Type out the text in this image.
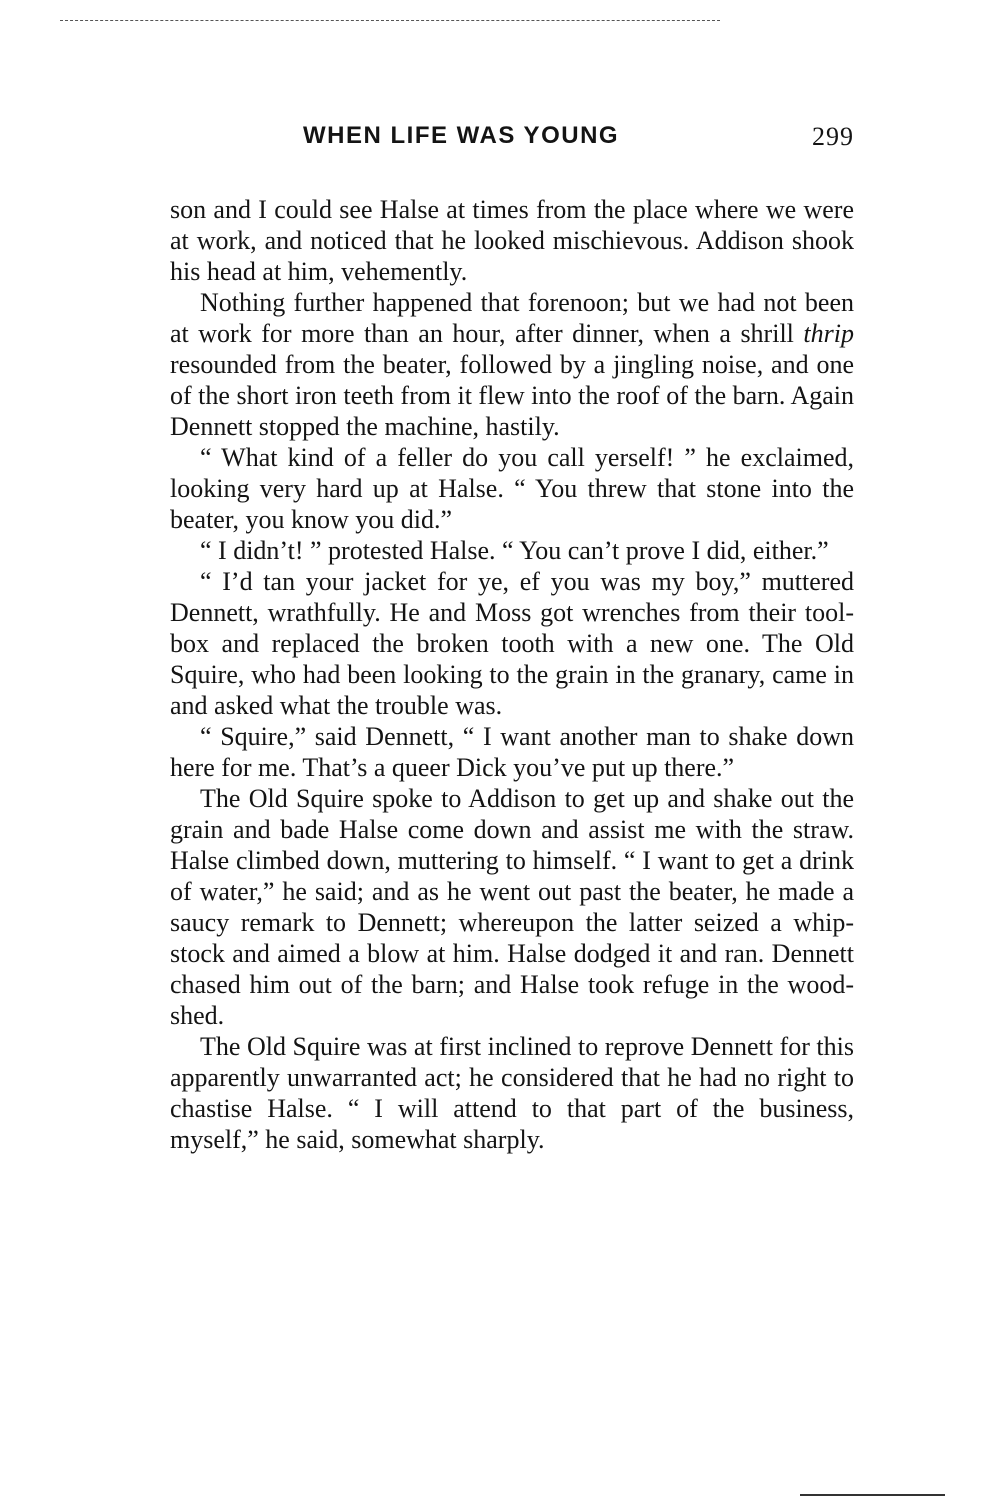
WHEN LIFE WAS YOUNG	299

son and I could see Halse at times from the place where we were at work, and noticed that he looked mischievous. Addison shook his head at him, vehemently.

Nothing further happened that forenoon; but we had not been at work for more than an hour, after dinner, when a shrill thrip resounded from the beater, followed by a jingling noise, and one of the short iron teeth from it flew into the roof of the barn. Again Dennett stopped the machine, hastily.

“ What kind of a feller do you call yerself! ” he exclaimed, looking very hard up at Halse. “ You threw that stone into the beater, you know you did.”

“ I didn’t! ” protested Halse. “ You can’t prove I did, either.”

“ I’d tan your jacket for ye, ef you was my boy,” muttered Dennett, wrathfully. He and Moss got wrenches from their tool-box and replaced the broken tooth with a new one. The Old Squire, who had been looking to the grain in the granary, came in and asked what the trouble was.

“ Squire,” said Dennett, “ I want another man to shake down here for me. That’s a queer Dick you’ve put up there.”

The Old Squire spoke to Addison to get up and shake out the grain and bade Halse come down and assist me with the straw. Halse climbed down, muttering to himself. “ I want to get a drink of water,” he said; and as he went out past the beater, he made a saucy remark to Dennett; whereupon the latter seized a whip-stock and aimed a blow at him. Halse dodged it and ran. Dennett chased him out of the barn; and Halse took refuge in the wood-shed.

The Old Squire was at first inclined to reprove Dennett for this apparently unwarranted act; he considered that he had no right to chastise Halse. “ I will attend to that part of the business, myself,” he said, somewhat sharply.
